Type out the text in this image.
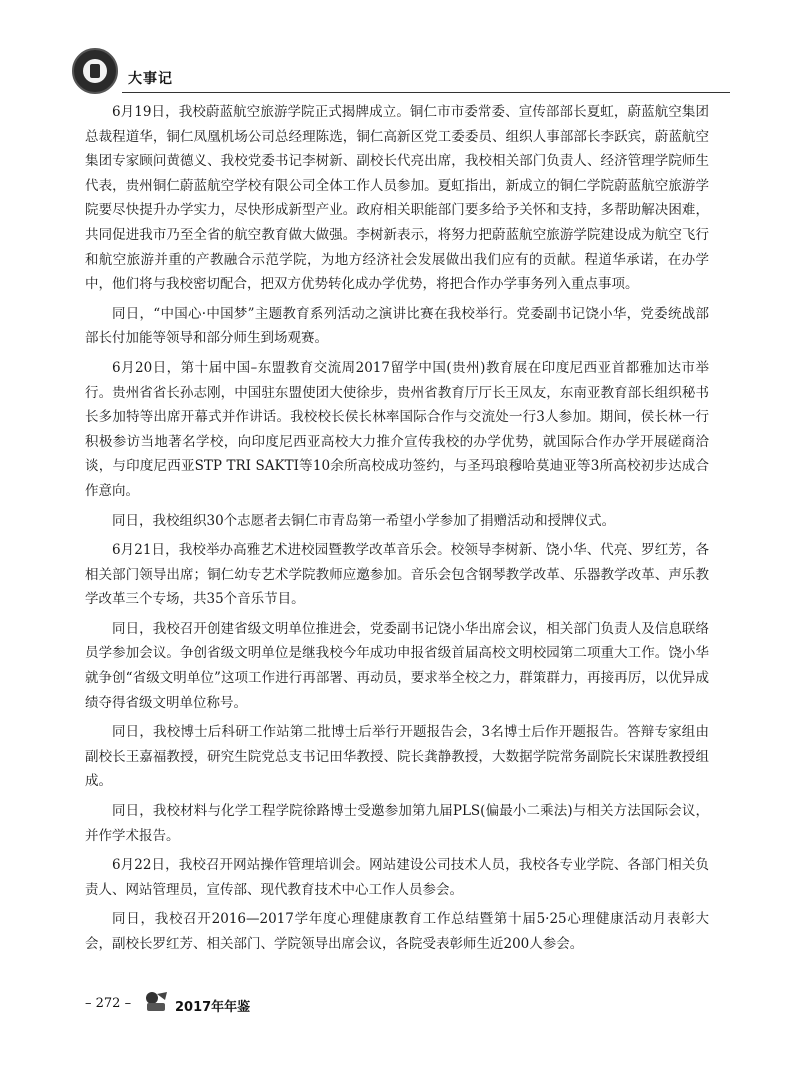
大事记

6月19日，我校蔚蓝航空旅游学院正式揭牌成立。铜仁市市委常委、宣传部部长夏虹，蔚蓝航空集团总裁程道华，铜仁凤凰机场公司总经理陈选，铜仁高新区党工委委员、组织人事部部长李跃宾，蔚蓝航空集团专家顾问黄德义、我校党委书记李树新、副校长代亮出席，我校相关部门负责人、经济管理学院师生代表，贵州铜仁蔚蓝航空学校有限公司全体工作人员参加。夏虹指出，新成立的铜仁学院蔚蓝航空旅游学院要尽快提升办学实力，尽快形成新型产业。政府相关职能部门要多给予关怀和支持，多帮助解决困难，共同促进我市乃至全省的航空教育做大做强。李树新表示，将努力把蔚蓝航空旅游学院建设成为航空飞行和航空旅游并重的产教融合示范学院，为地方经济社会发展做出我们应有的贡献。程道华承诺，在办学中，他们将与我校密切配合，把双方优势转化成办学优势，将把合作办学事务列入重点事项。

同日，“中国心·中国梦”主题教育系列活动之演讲比赛在我校举行。党委副书记饶小华，党委统战部部长付加能等领导和部分师生到场观赛。

6月20日，第十届中国–东盟教育交流周2017留学中国(贵州)教育展在印度尼西亚首都雅加达市举行。贵州省省长孙志刚，中国驻东盟使团大使徐步，贵州省教育厅厅长王凤友，东南亚教育部长组织秘书长多加特等出席开幕式并作讲话。我校校长侯长林率国际合作与交流处一行3人参加。期间，侯长林一行积极参访当地著名学校，向印度尼西亚高校大力推介宣传我校的办学优势，就国际合作办学开展磋商洽谈，与印度尼西亚STP TRI SAKTI等10余所高校成功签约，与圣玛琅穆哈莫迪亚等3所高校初步达成合作意向。

同日，我校组织30个志愿者去铜仁市青岛第一希望小学参加了捐赠活动和授牌仪式。

6月21日，我校举办高雅艺术进校园暨教学改革音乐会。校领导李树新、饶小华、代亮、罗红芳，各相关部门领导出席；铜仁幼专艺术学院教师应邀参加。音乐会包含钢琴教学改革、乐器教学改革、声乐教学改革三个专场，共35个音乐节目。

同日，我校召开创建省级文明单位推进会，党委副书记饶小华出席会议，相关部门负责人及信息联络员学参加会议。争创省级文明单位是继我校今年成功申报省级首届高校文明校园第二项重大工作。饶小华就争创“省级文明单位”这项工作进行再部署、再动员，要求举全校之力，群策群力，再接再厉，以优异成绩夺得省级文明单位称号。

同日，我校博士后科研工作站第二批博士后举行开题报告会，3名博士后作开题报告。答辩专家组由副校长王嘉福教授，研究生院党总支书记田华教授、院长龚静教授，大数据学院常务副院长宋谋胜教授组成。

同日，我校材料与化学工程学院徐路博士受邀参加第九届PLS(偏最小二乘法)与相关方法国际会议，并作学术报告。

6月22日，我校召开网站操作管理培训会。网站建设公司技术人员，我校各专业学院、各部门相关负责人、网站管理员，宣传部、现代教育技术中心工作人员参会。

同日，我校召开2016—2017学年度心理健康教育工作总结暨第十届5·25心理健康活动月表彰大会，副校长罗红芳、相关部门、学院领导出席会议，各院受表彰师生近200人参会。

– 272 –	2017年年鉴
